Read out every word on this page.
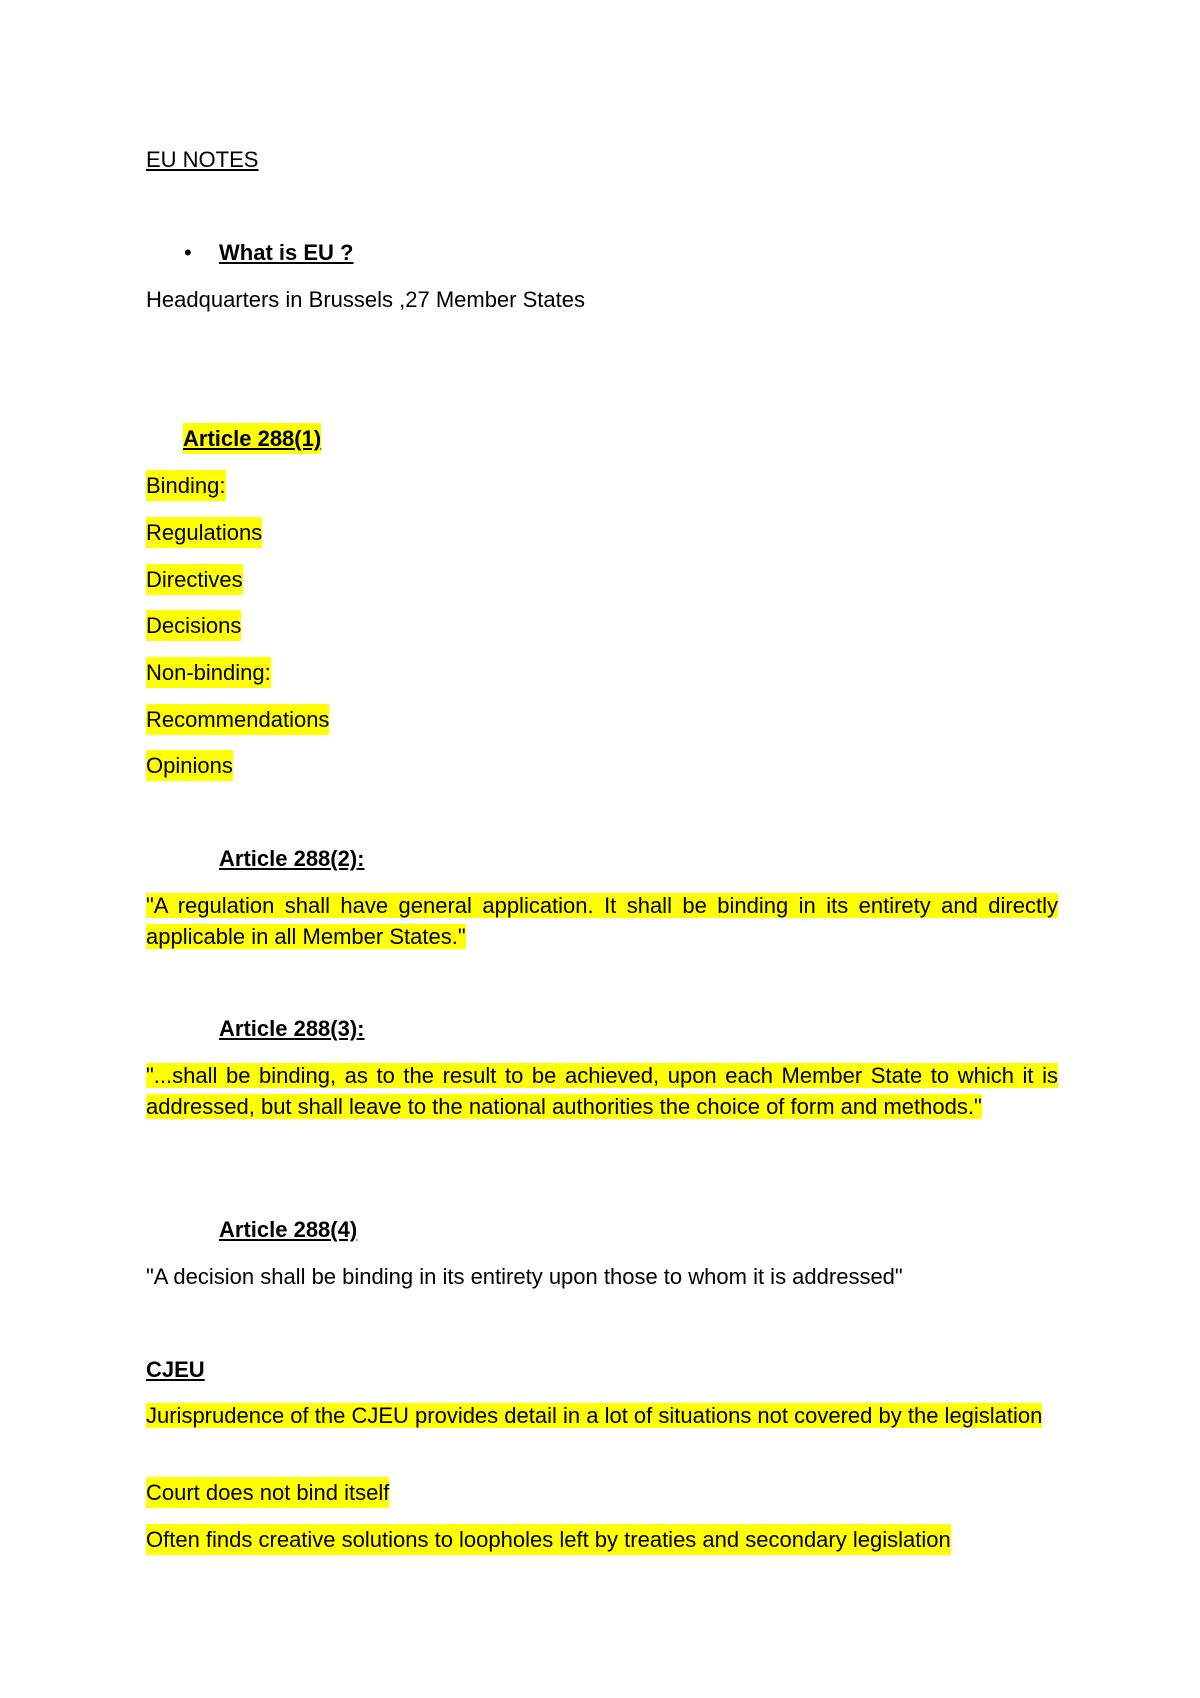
EU NOTES
• What is EU ?
Headquarters in Brussels ,27 Member States
Article 288(1)
Binding:
Regulations
Directives
Decisions
Non-binding:
Recommendations
Opinions
Article 288(2):
"A regulation shall have general application. It shall be binding in its entirety and directly applicable in all Member States."
Article 288(3):
"...shall be binding, as to the result to be achieved, upon each Member State to which it is addressed, but shall leave to the national authorities the choice of form and methods."
Article 288(4)
"A decision shall be binding in its entirety upon those to whom it is addressed"
CJEU
Jurisprudence of the CJEU provides detail in a lot of situations not covered by the legislation
Court does not bind itself
Often finds creative solutions to loopholes left by treaties and secondary legislation
